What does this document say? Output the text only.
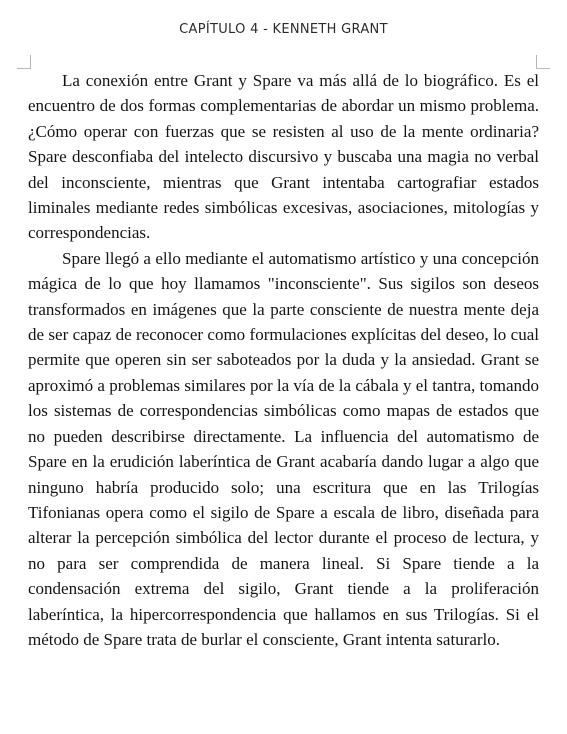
CAPÍTULO 4 - KENNETH GRANT

La conexión entre Grant y Spare va más allá de lo biográfico. Es el encuentro de dos formas complementarias de abordar un mismo problema. ¿Cómo operar con fuerzas que se resisten al uso de la mente ordinaria? Spare desconfiaba del intelecto discursivo y buscaba una magia no verbal del inconsciente, mientras que Grant intentaba cartografiar estados liminales mediante redes simbólicas excesivas, asociaciones, mitologías y correspondencias.

Spare llegó a ello mediante el automatismo artístico y una concepción mágica de lo que hoy llamamos "inconsciente". Sus sigilos son deseos transformados en imágenes que la parte consciente de nuestra mente deja de ser capaz de reconocer como formulaciones explícitas del deseo, lo cual permite que operen sin ser saboteados por la duda y la ansiedad. Grant se aproximó a problemas similares por la vía de la cábala y el tantra, tomando los sistemas de correspondencias simbólicas como mapas de estados que no pueden describirse directamente. La influencia del automatismo de Spare en la erudición laberíntica de Grant acabaría dando lugar a algo que ninguno habría producido solo; una escritura que en las Trilogías Tifonianas opera como el sigilo de Spare a escala de libro, diseñada para alterar la percepción simbólica del lector durante el proceso de lectura, y no para ser comprendida de manera lineal. Si Spare tiende a la condensación extrema del sigilo, Grant tiende a la proliferación laberíntica, la hipercorrespondencia que hallamos en sus Trilogías. Si el método de Spare trata de burlar el consciente, Grant intenta saturarlo.
